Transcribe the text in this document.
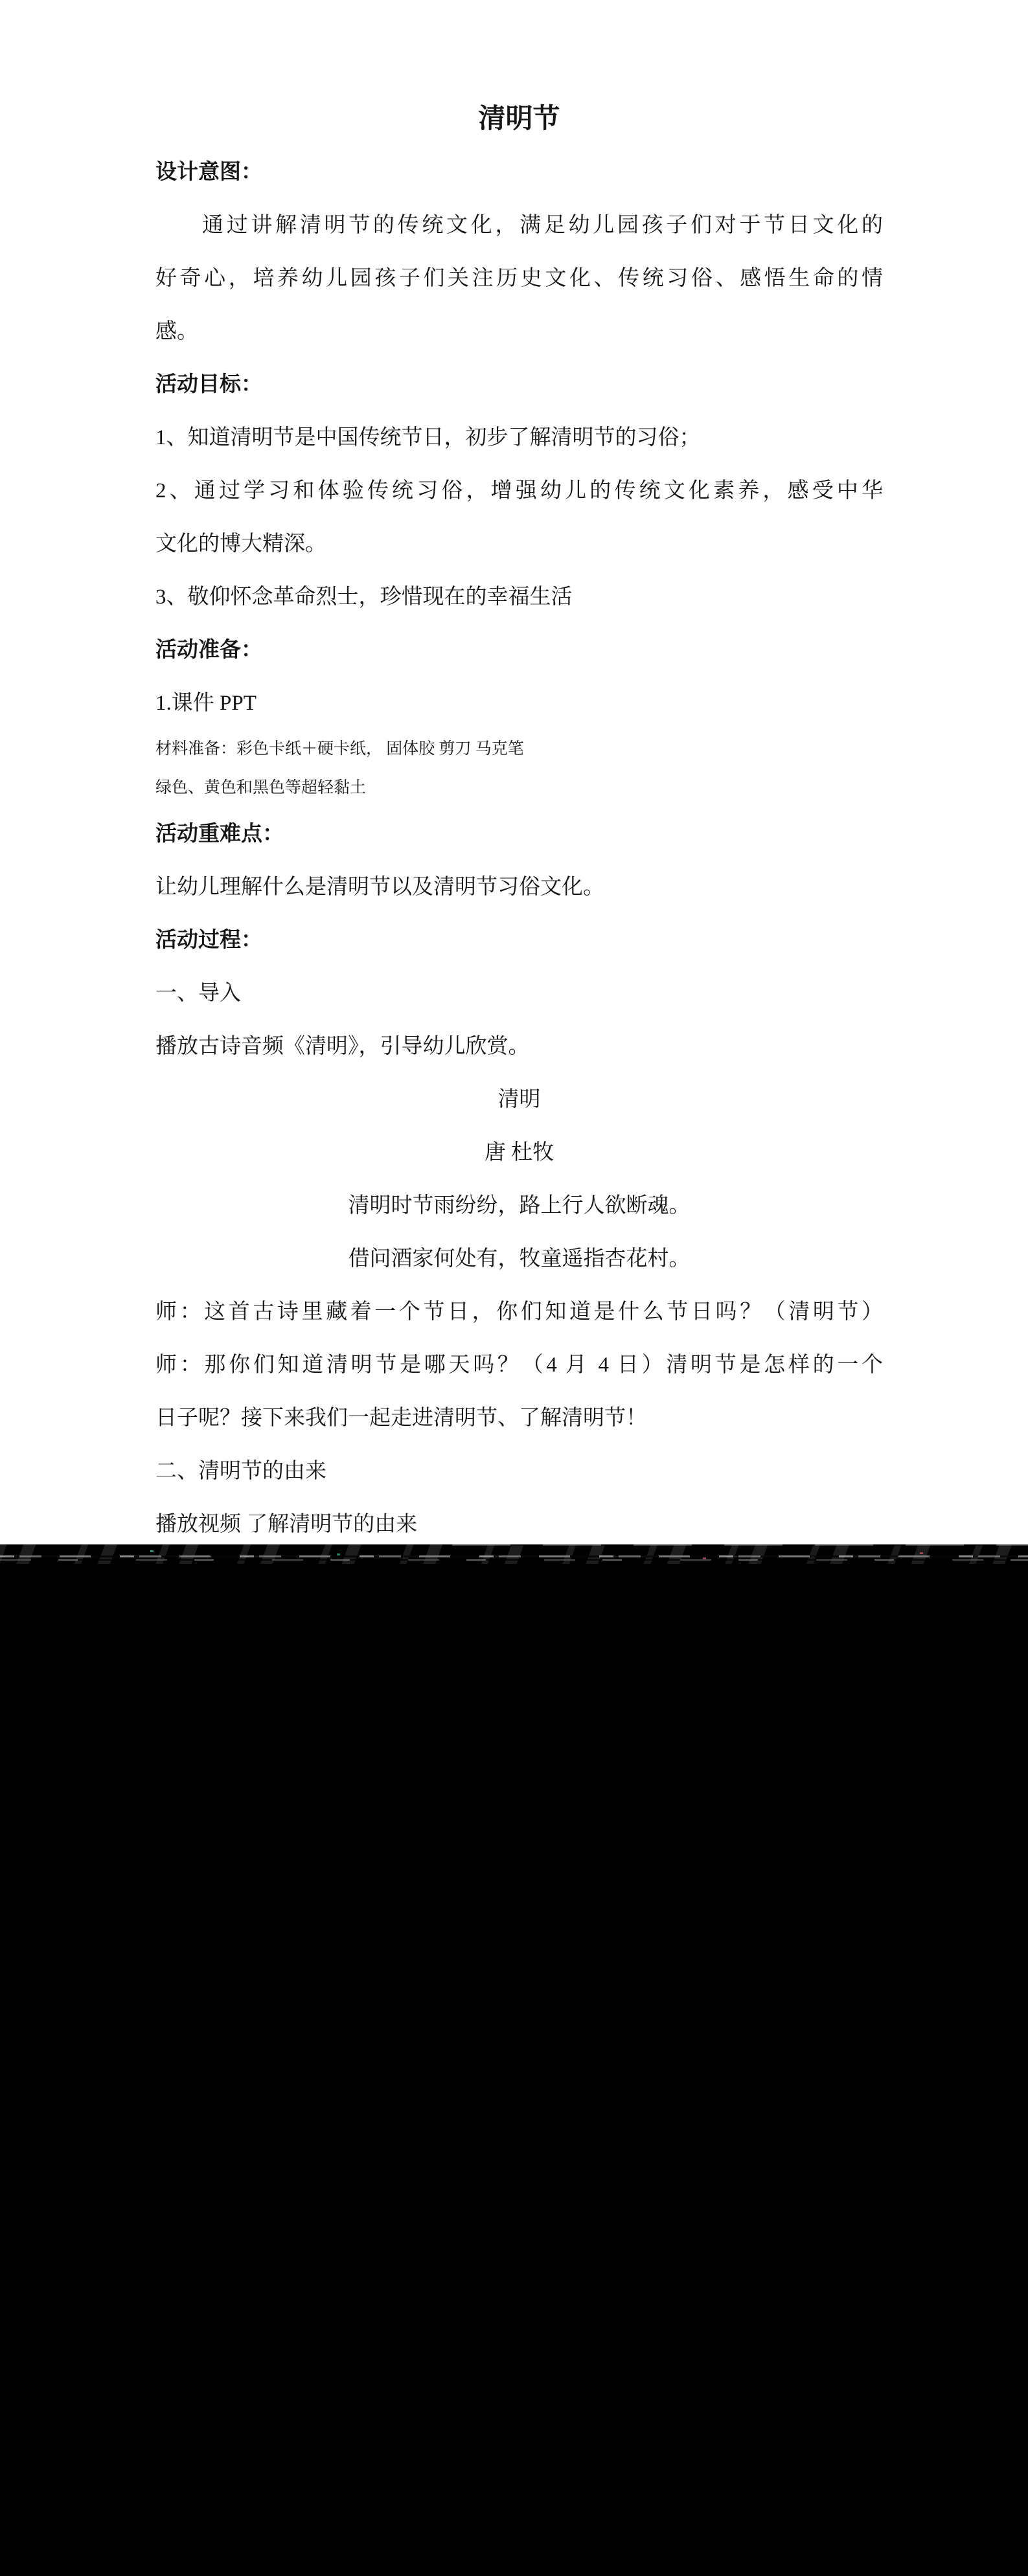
清明节
设计意图：
通过讲解清明节的传统文化，满足幼儿园孩子们对于节日文化的
好奇心，培养幼儿园孩子们关注历史文化、传统习俗、感悟生命的情
感。
活动目标：
1、知道清明节是中国传统节日，初步了解清明节的习俗；
2、通过学习和体验传统习俗，增强幼儿的传统文化素养，感受中华
文化的博大精深。
3、敬仰怀念革命烈士，珍惜现在的幸福生活
活动准备：
1.课件 PPT
材料准备：彩色卡纸＋硬卡纸， 固体胶 剪刀 马克笔
绿色、黄色和黑色等超轻黏土
活动重难点：
让幼儿理解什么是清明节以及清明节习俗文化。
活动过程：
一、导入
播放古诗音频《清明》，引导幼儿欣赏。
清明
唐 杜牧
清明时节雨纷纷，路上行人欲断魂。
借问酒家何处有，牧童遥指杏花村。
师：这首古诗里藏着一个节日，你们知道是什么节日吗？（清明节）
师：那你们知道清明节是哪天吗？（4 月 4 日）清明节是怎样的一个
日子呢？接下来我们一起走进清明节、了解清明节！
二、清明节的由来
播放视频 了解清明节的由来
